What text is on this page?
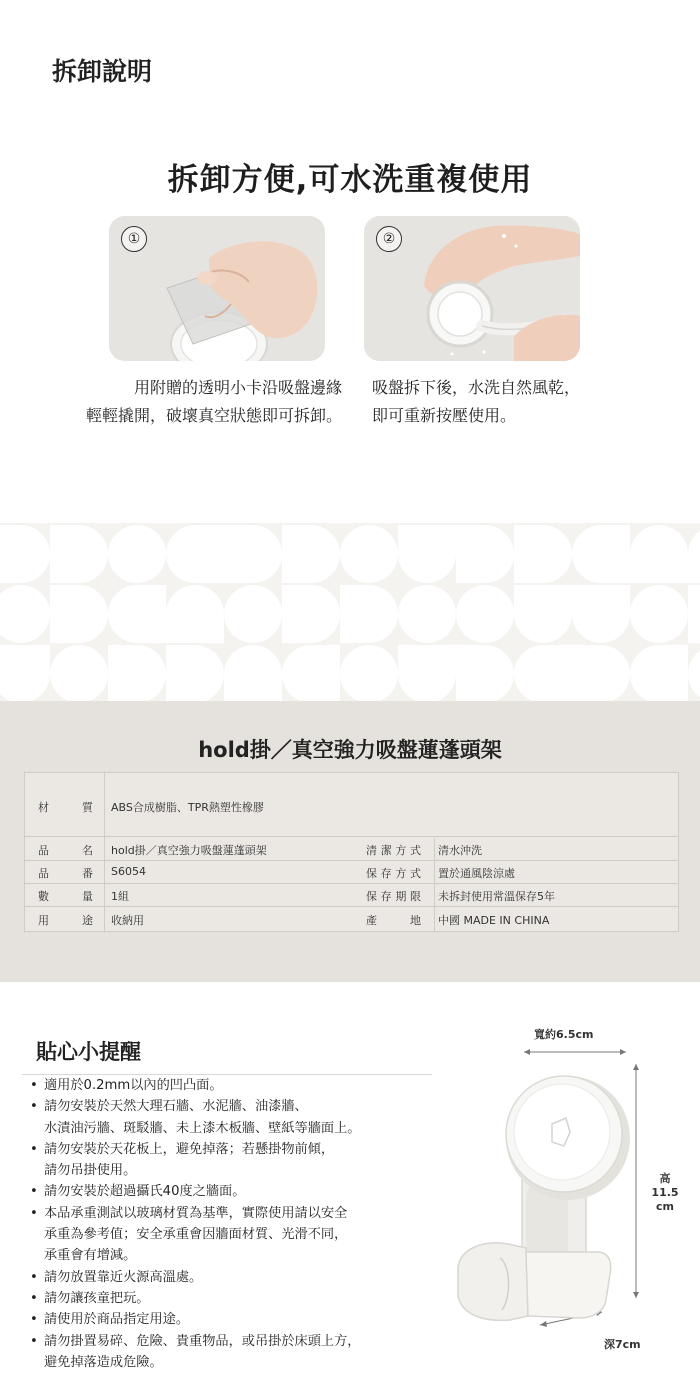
拆卸說明
拆卸方便,可水洗重複使用
①	②
用附贈的透明小卡沿吸盤邊緣
輕輕撬開，破壞真空狀態即可拆卸。
吸盤拆下後，水洗自然風乾，
即可重新按壓使用。
hold掛／真空強力吸盤蓮蓬頭架
材質 ABS合成樹脂、TPR熱塑性橡膠
品名 hold掛／真空強力吸盤蓮蓬頭架	清潔方式 清水沖洗
品番 S6054	保存方式 置於通風陰涼處
數量 1組	保存期限 未拆封使用常溫保存5年
用途 收納用	產地 中國 MADE IN CHINA
貼心小提醒
• 適用於0.2mm以內的凹凸面。
• 請勿安裝於天然大理石牆、水泥牆、油漆牆、
水漬油污牆、斑駁牆、未上漆木板牆、壁紙等牆面上。
• 請勿安裝於天花板上，避免掉落；若懸掛物前傾，
請勿吊掛使用。
• 請勿安裝於超過攝氏40度之牆面。
• 本品承重測試以玻璃材質為基準，實際使用請以安全
承重為參考值；安全承重會因牆面材質、光滑不同，
承重會有增減。
• 請勿放置靠近火源高溫處。
• 請勿讓孩童把玩。
• 請使用於商品指定用途。
• 請勿掛置易碎、危險、貴重物品，或吊掛於床頭上方，
避免掉落造成危險。
寬約6.5cm
高
11.5
cm
深7cm
